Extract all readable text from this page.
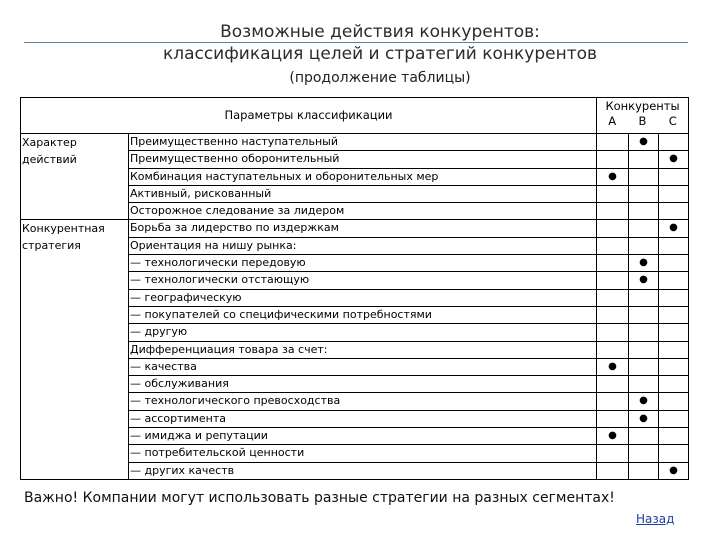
Возможные действия конкурентов:
классификация целей и стратегий конкурентов
(продолжение таблицы)
Параметры классификации		Конкуренты
А В С		

Характер
действий	Преимущественно наступательный		●	
	Преимущественно оборонительный			●
	Комбинация наступательных и оборонительных мер	●		
	Активный, рискованный			
	Осторожное следование за лидером			

Конкурентная
стратегия	Борьба за лидерство по издержкам			●
	Ориентация на нишу рынка:			
	— технологически передовую		●	
	— технологически отстающую		●	
	— географическую			
	— покупателей со специфическими потребностями			
	— другую			
	Дифференциация товара за счет:			
	— качества	●		
	— обслуживания			
	— технологического превосходства		●	
	— ассортимента		●	
	— имиджа и репутации	●		
	— потребительской ценности			
	— других качеств			●
Важно! Компании могут использовать разные стратегии на разных сегментах!
Назад
